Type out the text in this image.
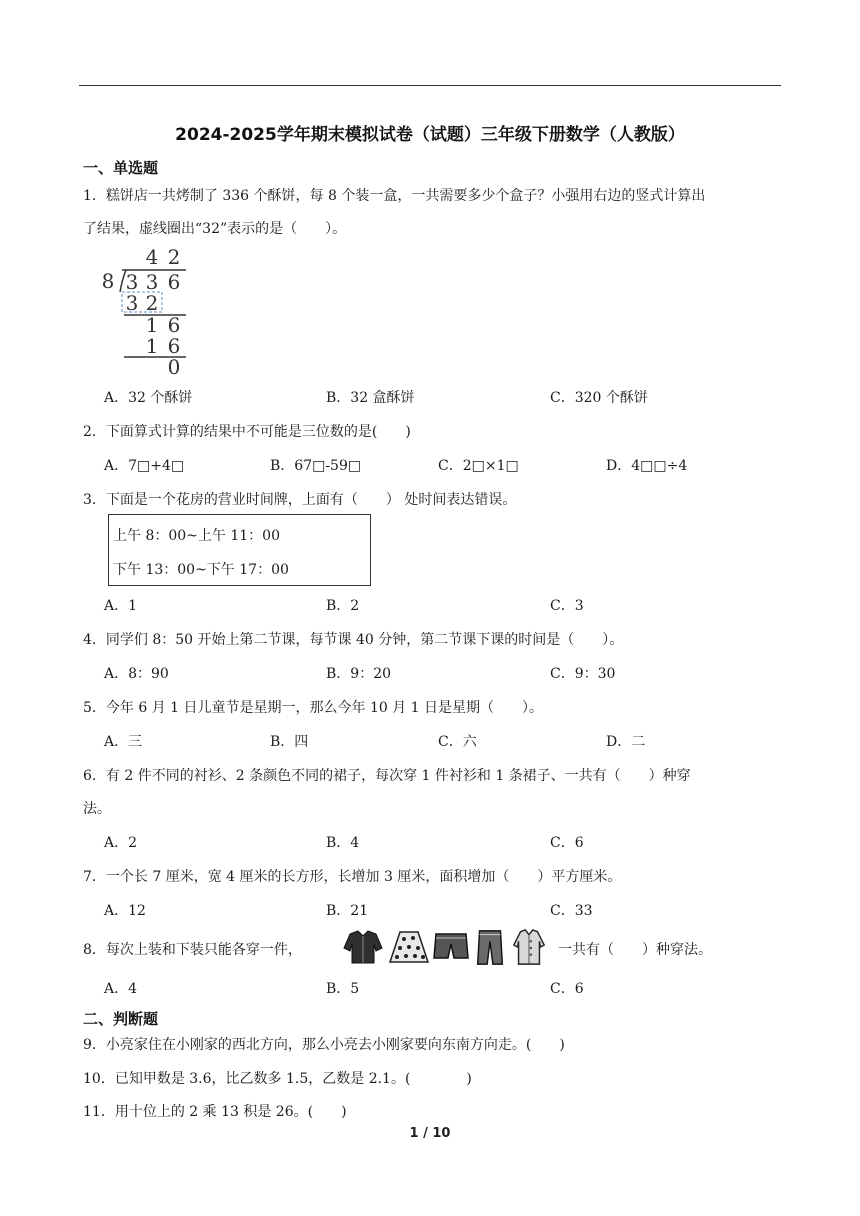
2024-2025学年期末模拟试卷（试题）三年级下册数学（人教版）
一、单选题
1．糕饼店一共烤制了 336 个酥饼，每 8 个装一盒，一共需要多少个盒子？小强用右边的竖式计算出
了结果，虚线圈出“32”表示的是（　　）。
4 2
8 3 3 6
3 2
1 6
1 6
0
A．32 个酥饼	B．32 盒酥饼	C．320 个酥饼
2．下面算式计算的结果中不可能是三位数的是(　　)
A．7□+4□	B．67□-59□	C．2□×1□	D．4□□÷4
3．下面是一个花房的营业时间牌，上面有（　　） 处时间表达错误。
上午 8：00~上午 11：00
下午 13：00~下午 17：00
A．1	B．2	C．3
4．同学们 8：50 开始上第二节课，每节课 40 分钟，第二节课下课的时间是（　　）。
A．8：90	B．9：20	C．9：30
5．今年 6 月 1 日儿童节是星期一，那么今年 10 月 1 日是星期（　　）。
A．三	B．四	C．六	D．二
6．有 2 件不同的衬衫、2 条颜色不同的裙子，每次穿 1 件衬衫和 1 条裙子、一共有（　　）种穿
法。
A．2	B．4	C．6
7．一个长 7 厘米，宽 4 厘米的长方形，长增加 3 厘米，面积增加（　　）平方厘米。
A．12	B．21	C．33
8．每次上装和下装只能各穿一件，	一共有（　　）种穿法。
A．4	B．5	C．6
二、判断题
9．小亮家住在小刚家的西北方向，那么小亮去小刚家要向东南方向走。(　　)
10．已知甲数是 3.6，比乙数多 1.5，乙数是 2.1。(　　　　)
11．用十位上的 2 乘 13 积是 26。(　　)
1 / 10
